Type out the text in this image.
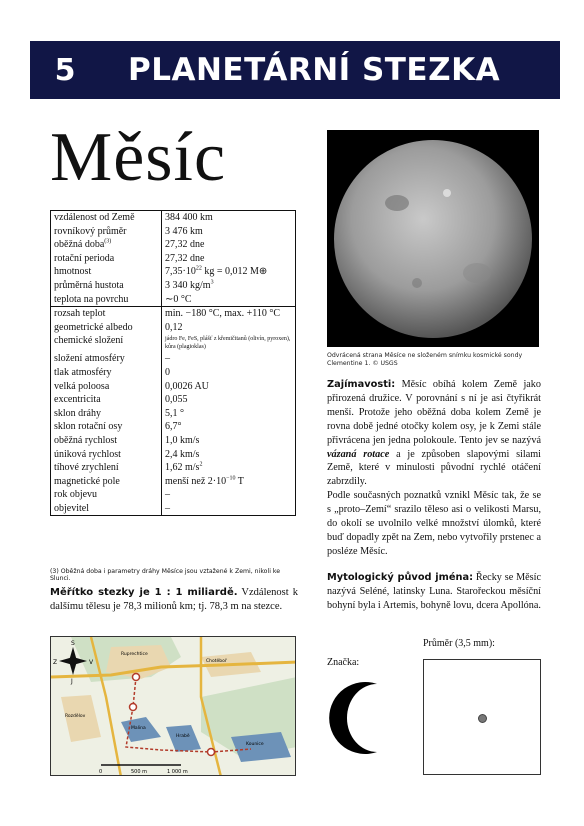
5	PLANETÁRNÍ STEZKA
Měsíc
vzdálenost od Země	384 400 km
rovníkový průměr	3 476 km
oběžná doba$^{(3)}$	27,32 dne
rotační perioda	27,32 dne
hmotnost	$7,35\cdot 10^{22}$ kg = 0,012 M⊕
průměrná hustota	3 340 $kg/m^3$
teplota na povrchu	∼0 °C
rozsah teplot	min. −180 °C, max. +110 °C
geometrické albedo	0,12
chemické složení	jádro Fe, FeS, plášť z křemičitanů (olivín, pyroxen), kůra (plagioklas)
složení atmosféry	–
tlak atmosféry	0
velká poloosa	0,0026 AU
excentricita	0,055
sklon dráhy	5,1 °
sklon rotační osy	6,7°
oběžná rychlost	1,0 km/s
úniková rychlost	2,4 km/s
tíhové zrychlení	1,62 $m/s^2$
magnetické pole	menší než $2\cdot 10^{-10}$ T
rok objevu	–
objevitel	–
(3) Oběžná doba i parametry dráhy Měsíce jsou vztažené k Zemi, nikoli ke Slunci.
Měřítko stezky je 1 : 1 miliardě. Vzdálenost k dalšímu tělesu je 78,3 milionů km; tj. 78,3 m na stezce.
S
V
Z
J
Ruprechtice
Chotěboř
Rozdělov
Malina
Hrabě
Kounice
0	500 m	1 000 m
Odvrácená strana Měsíce ne složeném snímku kosmické sondy Clementine 1. © USGS
Zajímavosti: Měsíc obíhá kolem Země jako přirozená družice. V porovnání s ní je asi čtyřikrát menší. Protože jeho oběžná doba kolem Země je rovna době jedné otočky kolem osy, je k Zemi stále přivrácena jen jedna polokoule. Tento jev se nazývá vázaná rotace a je způsoben slapovými silami Země, které v minulosti původní rychlé otáčení zabrzdily.
Podle současných poznatků vznikl Měsíc tak, že se s „proto–Zemí“ srazilo těleso asi o velikosti Marsu, do okolí se uvolnilo velké množství úlomků, které buď dopadly zpět na Zem, nebo vytvořily prstenec a posléze Měsíc.
Mytologický původ jména: Řecky se Měsíc nazývá Seléné, latinsky Luna. Starořeckou měsíční bohyní byla i Artemis, bohyně lovu, dcera Apollóna.
Značka:
Průměr (3,5 mm):
